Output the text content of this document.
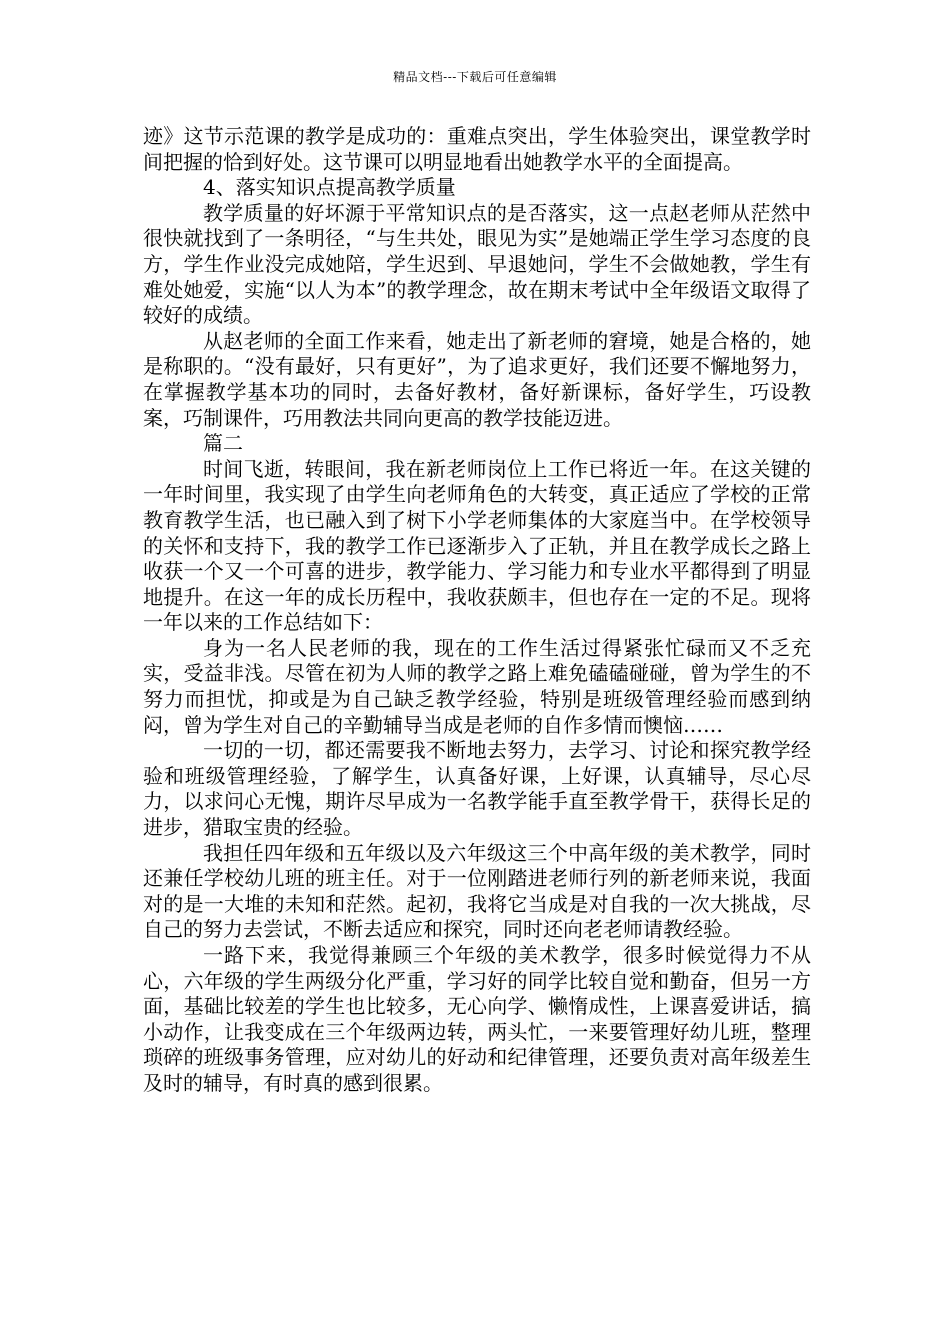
精品文档---下载后可任意编辑

迹》这节示范课的教学是成功的：重难点突出，学生体验突出，课堂教学时间把握的恰到好处。这节课可以明显地看出她教学水平的全面提高。

4、落实知识点提高教学质量

教学质量的好坏源于平常知识点的是否落实，这一点赵老师从茫然中很快就找到了一条明径，“与生共处，眼见为实”是她端正学生学习态度的良方，学生作业没完成她陪，学生迟到、早退她问，学生不会做她教，学生有难处她爱，实施“以人为本”的教学理念，故在期末考试中全年级语文取得了较好的成绩。

从赵老师的全面工作来看，她走出了新老师的窘境，她是合格的，她是称职的。“没有最好，只有更好”，为了追求更好，我们还要不懈地努力，在掌握教学基本功的同时，去备好教材，备好新课标，备好学生，巧设教案，巧制课件，巧用教法共同向更高的教学技能迈进。

篇二

时间飞逝，转眼间，我在新老师岗位上工作已将近一年。在这关键的一年时间里，我实现了由学生向老师角色的大转变，真正适应了学校的正常教育教学生活，也已融入到了树下小学老师集体的大家庭当中。在学校领导的关怀和支持下，我的教学工作已逐渐步入了正轨，并且在教学成长之路上收获一个又一个可喜的进步，教学能力、学习能力和专业水平都得到了明显地提升。在这一年的成长历程中，我收获颇丰，但也存在一定的不足。现将一年以来的工作总结如下：

身为一名人民老师的我，现在的工作生活过得紧张忙碌而又不乏充实，受益非浅。尽管在初为人师的教学之路上难免磕磕碰碰，曾为学生的不努力而担忧，抑或是为自己缺乏教学经验，特别是班级管理经验而感到纳闷，曾为学生对自己的辛勤辅导当成是老师的自作多情而懊恼……

一切的一切，都还需要我不断地去努力，去学习、讨论和探究教学经验和班级管理经验，了解学生，认真备好课，上好课，认真辅导，尽心尽力，以求问心无愧，期许尽早成为一名教学能手直至教学骨干，获得长足的进步，猎取宝贵的经验。

我担任四年级和五年级以及六年级这三个中高年级的美术教学，同时还兼任学校幼儿班的班主任。对于一位刚踏进老师行列的新老师来说，我面对的是一大堆的未知和茫然。起初，我将它当成是对自我的一次大挑战，尽自己的努力去尝试，不断去适应和探究，同时还向老老师请教经验。

一路下来，我觉得兼顾三个年级的美术教学，很多时候觉得力不从心，六年级的学生两级分化严重，学习好的同学比较自觉和勤奋，但另一方面，基础比较差的学生也比较多，无心向学、懒惰成性，上课喜爱讲话，搞小动作，让我变成在三个年级两边转，两头忙，一来要管理好幼儿班，整理琐碎的班级事务管理，应对幼儿的好动和纪律管理，还要负责对高年级差生及时的辅导，有时真的感到很累。
